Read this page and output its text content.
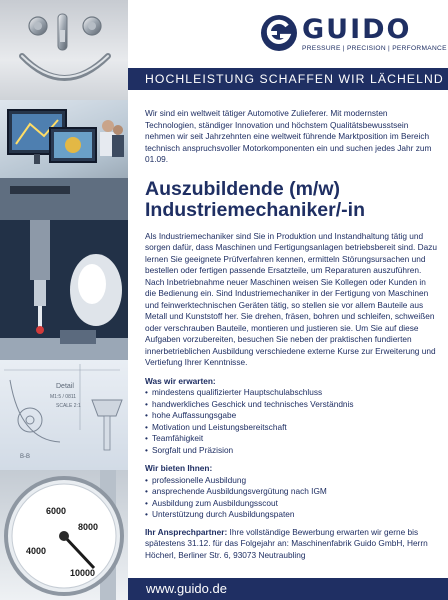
Detail
M1:5 / 0811
SCALE 2:1
B-B
4000
6000
8000
10000
GUIDO
PRESSURE | PRECISION | PERFORMANCE
HOCHLEISTUNG SCHAFFEN WIR LÄCHELND

Wir sind ein weltweit tätiger Automotive Zulieferer. Mit modernsten Technologien, ständiger Innovation und höchstem Qualitätsbewusstsein nehmen wir seit Jahrzehnten eine weltweit führende Marktposition im Bereich technisch anspruchsvoller Motorkomponenten ein und suchen jedes Jahr zum 01.09.

Auszubildende (m/w)
Industriemechaniker/-in

Als Industriemechaniker sind Sie in Produktion und Instandhaltung tätig und sorgen dafür, dass Maschinen und Fertigungsanlagen betriebsbereit sind. Dazu lernen Sie geeignete Prüfverfahren kennen, ermitteln Störungsursachen und bestellen oder fertigen passende Ersatzteile, um Reparaturen auszuführen. Nach Inbetriebnahme neuer Maschinen weisen Sie Kollegen oder Kunden in die Bedienung ein. Sind Industriemechaniker in der Fertigung von Maschinen und feinwerktechnischen Geräten tätig, so stellen sie vor allem Bauteile aus Metall und Kunststoff her. Sie drehen, fräsen, bohren und schleifen, schweißen oder verschrauben Bauteile, montieren und justieren sie. Um Sie auf diese Aufgaben vorzubereiten, besuchen Sie neben der praktischen fundierten innerbetrieblichen Ausbildung verschiedene externe Kurse zur Erweiterung und Vertiefung Ihrer Kenntnisse.

Was wir erwarten:
• mindestens qualifizierter Hauptschulabschluss
• handwerkliches Geschick und technisches Verständnis
• hohe Auffassungsgabe
• Motivation und Leistungsbereitschaft
• Teamfähigkeit
• Sorgfalt und Präzision
Wir bieten Ihnen:
• professionelle Ausbildung
• ansprechende Ausbildungsvergütung nach IGM
• Ausbildung zum Ausbildungsscout
• Unterstützung durch Ausbildungspaten

Ihr Ansprechpartner: Ihre vollständige Bewerbung erwarten wir gerne bis spätestens 31.12. für das Folgejahr an: Maschinenfabrik Guido GmbH, Herrn Höcherl, Berliner Str. 6, 93073 Neutraubling

www.guido.de
